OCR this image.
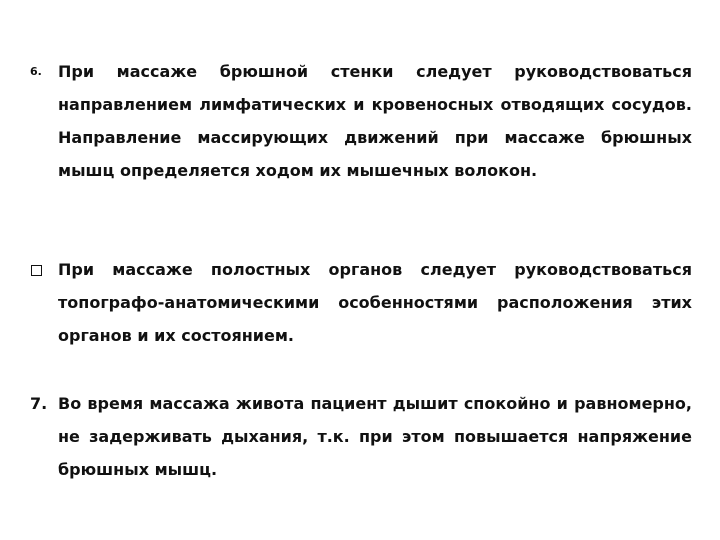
6.	При массаже брюшной стенки следует руководствоваться направлением лимфатических и кровеносных отводящих сосудов. Направление массирующих движений при массаже брюшных мышц определяется ходом их мышечных волокон.
При массаже полостных органов следует руководствоваться топографо-анатомическими особенностями расположения этих органов и их состоянием.
7. Во время массажа живота пациент дышит спокойно и равномерно, не задерживать дыхания, т.к. при этом повышается напряжение брюшных мышц.
